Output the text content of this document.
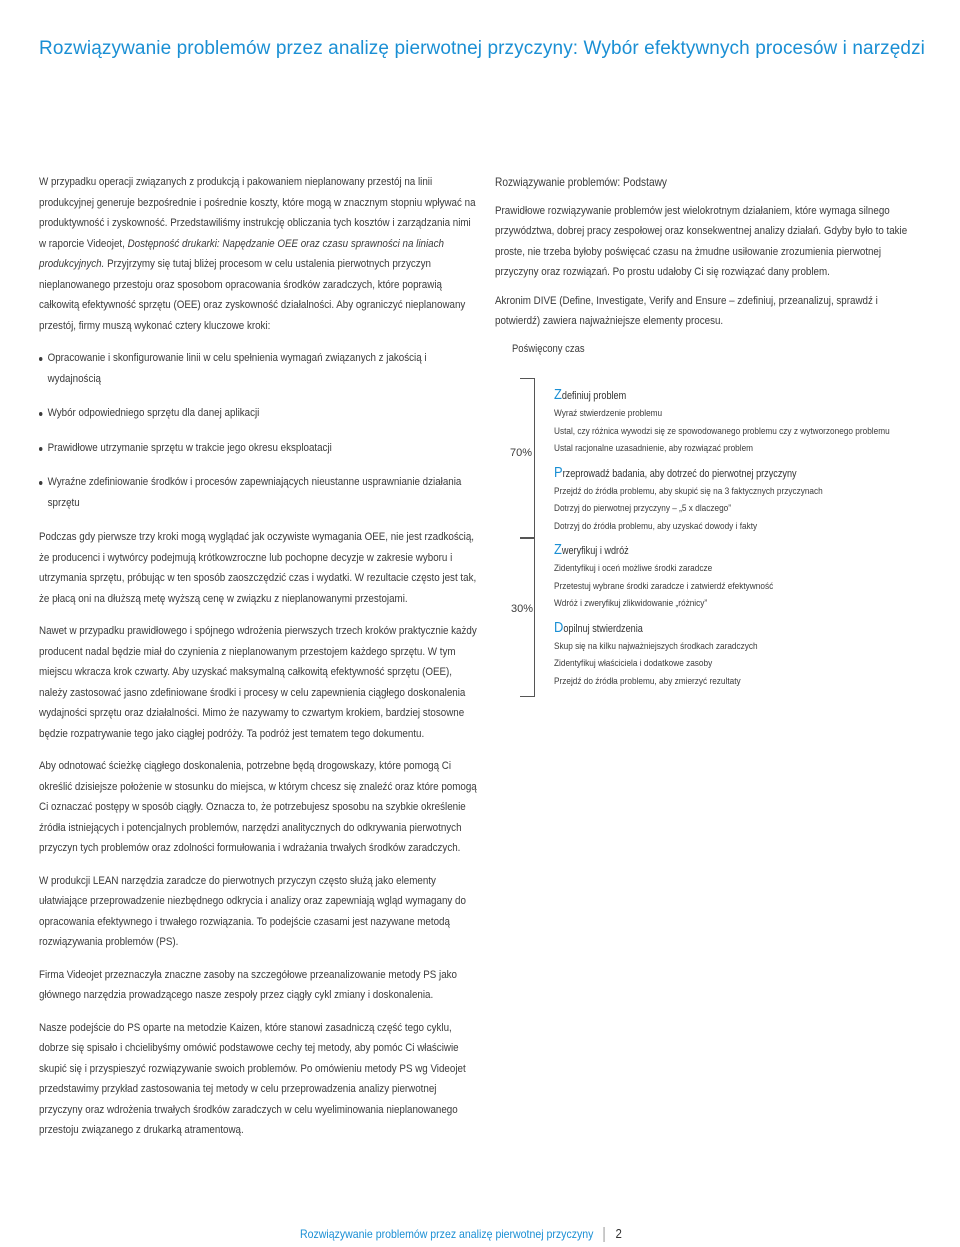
Rozwiązywanie problemów przez analizę pierwotnej przyczyny: Wybór efektywnych procesów i narzędzi

W przypadku operacji związanych z produkcją i pakowaniem nieplanowany przestój na linii produkcyjnej generuje bezpośrednie i pośrednie koszty, które mogą w znacznym stopniu wpływać na produktywność i zyskowność. Przedstawiliśmy instrukcję obliczania tych kosztów i zarządzania nimi w raporcie Videojet, Dostępność drukarki: Napędzanie OEE oraz czasu sprawności na liniach produkcyjnych. Przyjrzymy się tutaj bliżej procesom w celu ustalenia pierwotnych przyczyn nieplanowanego przestoju oraz sposobom opracowania środków zaradczych, które poprawią całkowitą efektywność sprzętu (OEE) oraz zyskowność działalności. Aby ograniczyć nieplanowany przestój, firmy muszą wykonać cztery kluczowe kroki:

Opracowanie i skonfigurowanie linii w celu spełnienia wymagań związanych z jakością i wydajnością
Wybór odpowiedniego sprzętu dla danej aplikacji
Prawidłowe utrzymanie sprzętu w trakcie jego okresu eksploatacji
Wyraźne zdefiniowanie środków i procesów zapewniających nieustanne usprawnianie działania sprzętu

Podczas gdy pierwsze trzy kroki mogą wyglądać jak oczywiste wymagania OEE, nie jest rzadkością, że producenci i wytwórcy podejmują krótkowzroczne lub pochopne decyzje w zakresie wyboru i utrzymania sprzętu, próbując w ten sposób zaoszczędzić czas i wydatki. W rezultacie często jest tak, że płacą oni na dłuższą metę wyższą cenę w związku z nieplanowanymi przestojami.

Nawet w przypadku prawidłowego i spójnego wdrożenia pierwszych trzech kroków praktycznie każdy producent nadal będzie miał do czynienia z nieplanowanym przestojem każdego sprzętu. W tym miejscu wkracza krok czwarty. Aby uzyskać maksymalną całkowitą efektywność sprzętu (OEE), należy zastosować jasno zdefiniowane środki i procesy w celu zapewnienia ciągłego doskonalenia wydajności sprzętu oraz działalności. Mimo że nazywamy to czwartym krokiem, bardziej stosowne będzie rozpatrywanie tego jako ciągłej podróży. Ta podróż jest tematem tego dokumentu.

Aby odnotować ścieżkę ciągłego doskonalenia, potrzebne będą drogowskazy, które pomogą Ci określić dzisiejsze położenie w stosunku do miejsca, w którym chcesz się znaleźć oraz które pomogą Ci oznaczać postępy w sposób ciągły. Oznacza to, że potrzebujesz sposobu na szybkie określenie źródła istniejących i potencjalnych problemów, narzędzi analitycznych do odkrywania pierwotnych przyczyn tych problemów oraz zdolności formułowania i wdrażania trwałych środków zaradczych.

W produkcji LEAN narzędzia zaradcze do pierwotnych przyczyn często służą jako elementy ułatwiające przeprowadzenie niezbędnego odkrycia i analizy oraz zapewniają wgląd wymagany do opracowania efektywnego i trwałego rozwiązania. To podejście czasami jest nazywane metodą rozwiązywania problemów (PS).

Firma Videojet przeznaczyła znaczne zasoby na szczegółowe przeanalizowanie metody PS jako głównego narzędzia prowadzącego nasze zespoły przez ciągły cykl zmiany i doskonalenia.

Nasze podejście do PS oparte na metodzie Kaizen, które stanowi zasadniczą część tego cyklu, dobrze się spisało i chcielibyśmy omówić podstawowe cechy tej metody, aby pomóc Ci właściwie skupić się i przyspieszyć rozwiązywanie swoich problemów. Po omówieniu metody PS wg Videojet przedstawimy przykład zastosowania tej metody w celu przeprowadzenia analizy pierwotnej przyczyny oraz wdrożenia trwałych środków zaradczych w celu wyeliminowania nieplanowanego przestoju związanego z drukarką atramentową.

Rozwiązywanie problemów: Podstawy

Prawidłowe rozwiązywanie problemów jest wielokrotnym działaniem, które wymaga silnego przywództwa, dobrej pracy zespołowej oraz konsekwentnej analizy działań. Gdyby było to takie proste, nie trzeba byłoby poświęcać czasu na żmudne usiłowanie zrozumienia pierwotnej przyczyny oraz rozwiązań. Po prostu udałoby Ci się rozwiązać dany problem.

Akronim DIVE (Define, Investigate, Verify and Ensure – zdefiniuj, przeanalizuj, sprawdź i potwierdź) zawiera najważniejsze elementy procesu.

Poświęcony czas
70%
30%
Zdefiniuj problem
Wyraź stwierdzenie problemu
Ustal, czy różnica wywodzi się ze spowodowanego problemu czy z wytworzonego problemu
Ustal racjonalne uzasadnienie, aby rozwiązać problem
Przeprowadź badania, aby dotrzeć do pierwotnej przyczyny
Przejdź do źródła problemu, aby skupić się na 3 faktycznych przyczynach
Dotrzyj do pierwotnej przyczyny – „5 x dlaczego”
Dotrzyj do źródła problemu, aby uzyskać dowody i fakty
Zweryfikuj i wdróż
Zidentyfikuj i oceń możliwe środki zaradcze
Przetestuj wybrane środki zaradcze i zatwierdź efektywność
Wdróż i zweryfikuj zlikwidowanie „różnicy”
Dopilnuj stwierdzenia
Skup się na kilku najważniejszych środkach zaradczych
Zidentyfikuj właściciela i dodatkowe zasoby
Przejdź do źródła problemu, aby zmierzyć rezultaty
Rozwiązywanie problemów przez analizę pierwotnej przyczyny 2
